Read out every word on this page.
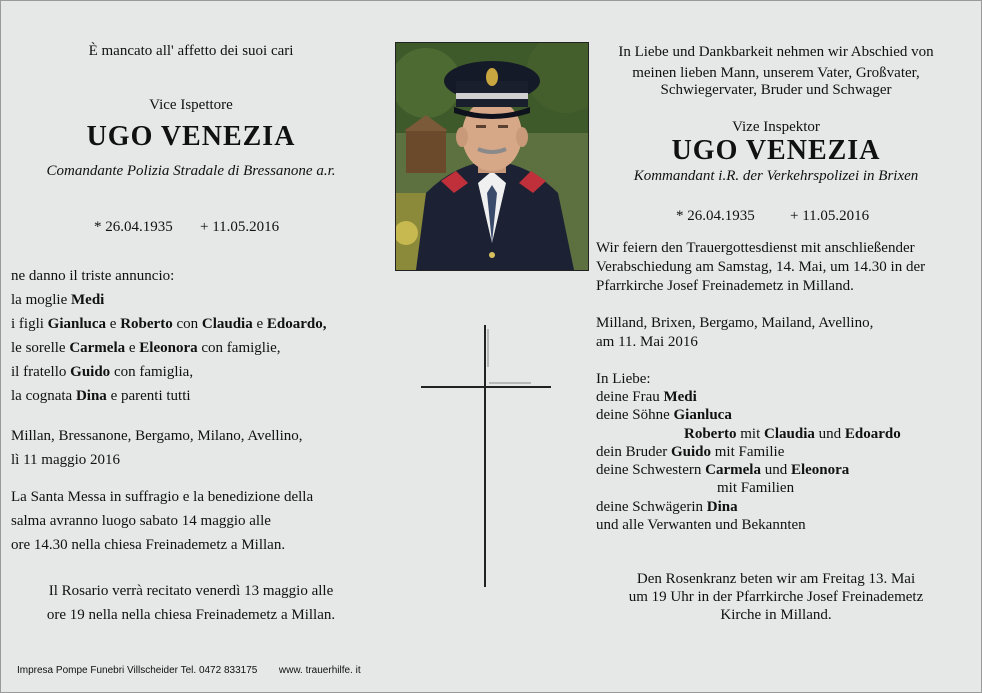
È mancato all' affetto dei suoi cari
Vice Ispettore
UGO VENEZIA
Comandante Polizia Stradale di Bressanone a.r.
* 26.04.1935 + 11.05.2016
ne danno il triste annuncio:
la moglie Medi
i figli Gianluca e Roberto con Claudia e Edoardo,
le sorelle Carmela e Eleonora con famiglie,
il fratello Guido con famiglia,
la cognata Dina e parenti tutti
Millan, Bressanone, Bergamo, Milano, Avellino,
lì 11 maggio 2016
La Santa Messa in suffragio e la benedizione della
salma avranno luogo sabato 14 maggio alle
ore 14.30 nella chiesa Freinademetz a Millan.
Il Rosario verrà recitato venerdì 13 maggio alle
ore 19 nella nella chiesa Freinademetz a Millan.
In Liebe und Dankbarkeit nehmen wir Abschied von
meinen lieben Mann, unserem Vater, Großvater,
Schwiegervater, Bruder und Schwager
Vize Inspektor
UGO VENEZIA
Kommandant i.R. der Verkehrspolizei in Brixen
* 26.04.1935 + 11.05.2016
Wir feiern den Trauergottesdienst mit anschließender
Verabschiedung am Samstag, 14. Mai, um 14.30 in der
Pfarrkirche Josef Freinademetz in Milland.
Milland, Brixen, Bergamo, Mailand, Avellino,
am 11. Mai 2016
In Liebe:
deine Frau Medi
deine Söhne Gianluca
Roberto mit Claudia und Edoardo
dein Bruder Guido mit Familie
deine Schwestern Carmela und Eleonora
mit Familien
deine Schwägerin Dina
und alle Verwanten und Bekannten
Den Rosenkranz beten wir am Freitag 13. Mai
um 19 Uhr in der Pfarrkirche Josef Freinademetz
Kirche in Milland.
Impresa Pompe Funebri Villscheider Tel. 0472 833175 www. trauerhilfe. it
